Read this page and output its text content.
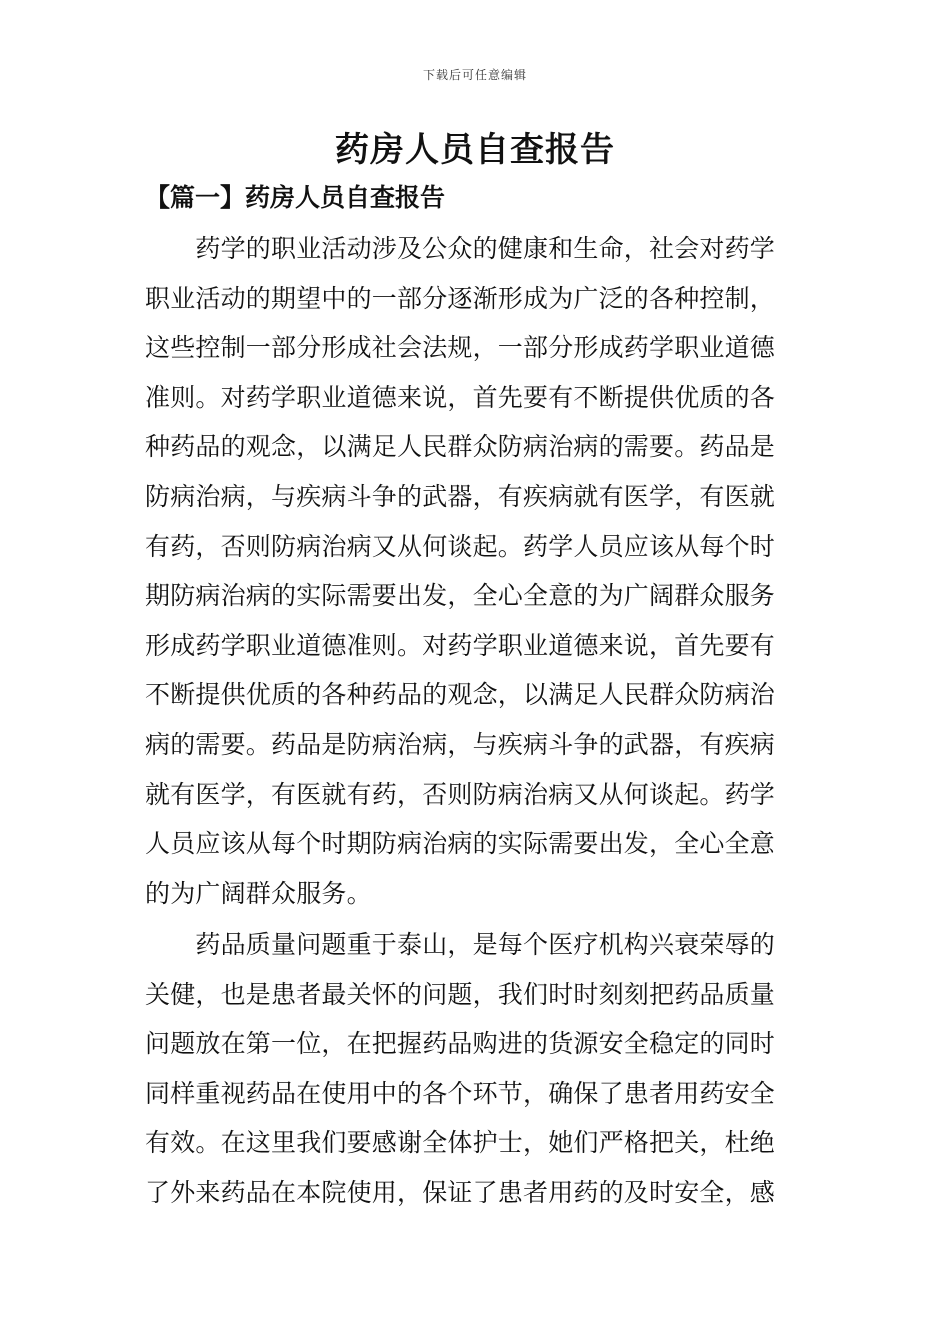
下载后可任意编辑
药房人员自查报告
【篇一】药房人员自查报告
　　药学的职业活动涉及公众的健康和生命，社会对药学
职业活动的期望中的一部分逐渐形成为广泛的各种控制，
这些控制一部分形成社会法规，一部分形成药学职业道德
准则。对药学职业道德来说，首先要有不断提供优质的各
种药品的观念，以满足人民群众防病治病的需要。药品是
防病治病，与疾病斗争的武器，有疾病就有医学，有医就
有药，否则防病治病又从何谈起。药学人员应该从每个时
期防病治病的实际需要出发，全心全意的为广阔群众服务
形成药学职业道德准则。对药学职业道德来说，首先要有
不断提供优质的各种药品的观念，以满足人民群众防病治
病的需要。药品是防病治病，与疾病斗争的武器，有疾病
就有医学，有医就有药，否则防病治病又从何谈起。药学
人员应该从每个时期防病治病的实际需要出发，全心全意
的为广阔群众服务。
　　药品质量问题重于泰山，是每个医疗机构兴衰荣辱的
关健，也是患者最关怀的问题，我们时时刻刻把药品质量
问题放在第一位，在把握药品购进的货源安全稳定的同时
同样重视药品在使用中的各个环节，确保了患者用药安全
有效。在这里我们要感谢全体护士，她们严格把关，杜绝
了外来药品在本院使用，保证了患者用药的及时安全，感
